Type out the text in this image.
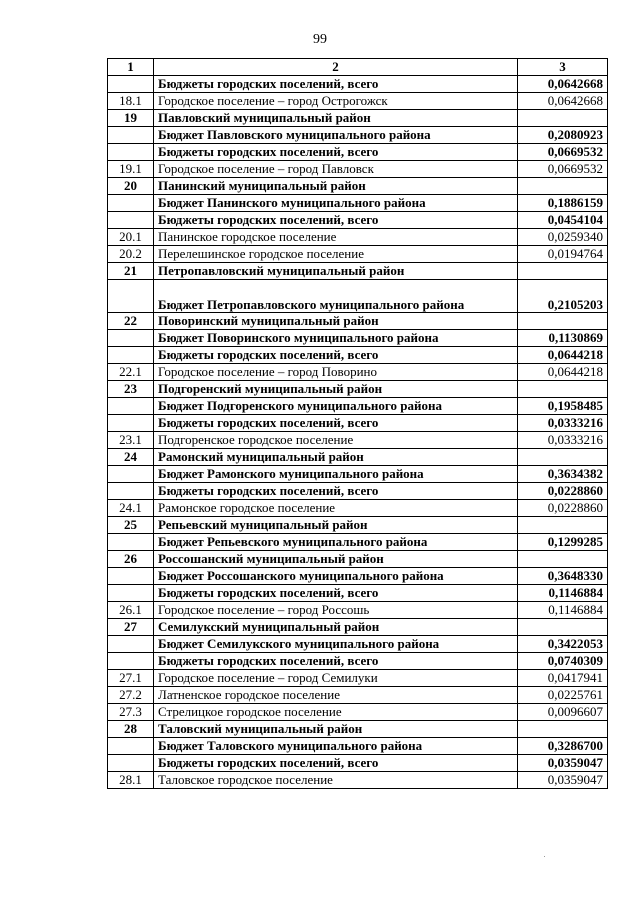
99
1	2	3
	Бюджеты городских поселений, всего	0,0642668
18.1	Городское поселение – город Острогожск	0,0642668
19	Павловский муниципальный район	
	Бюджет Павловского муниципального района	0,2080923
	Бюджеты городских поселений, всего	0,0669532
19.1	Городское поселение – город Павловск	0,0669532
20	Панинский муниципальный район	
	Бюджет Панинского муниципального района	0,1886159
	Бюджеты городских поселений, всего	0,0454104
20.1	Панинское городское поселение	0,0259340
20.2	Перелешинское городское поселение	0,0194764
21	Петропавловский муниципальный район	
	Бюджет Петропавловского муниципального района	0,2105203
22	Поворинский муниципальный район	
	Бюджет Поворинского муниципального района	0,1130869
	Бюджеты городских поселений, всего	0,0644218
22.1	Городское поселение – город Поворино	0,0644218
23	Подгоренский муниципальный район	
	Бюджет Подгоренского муниципального района	0,1958485
	Бюджеты городских поселений, всего	0,0333216
23.1	Подгоренское городское поселение	0,0333216
24	Рамонский муниципальный район	
	Бюджет Рамонского муниципального района	0,3634382
	Бюджеты городских поселений, всего	0,0228860
24.1	Рамонское городское поселение	0,0228860
25	Репьевский муниципальный район	
	Бюджет Репьевского муниципального района	0,1299285
26	Россошанский муниципальный район	
	Бюджет Россошанского муниципального района	0,3648330
	Бюджеты городских поселений, всего	0,1146884
26.1	Городское поселение – город Россошь	0,1146884
27	Семилукский муниципальный район	
	Бюджет Семилукского муниципального района	0,3422053
	Бюджеты городских поселений, всего	0,0740309
27.1	Городское поселение – город Семилуки	0,0417941
27.2	Латненское городское поселение	0,0225761
27.3	Стрелицкое городское поселение	0,0096607
28	Таловский муниципальный район	
	Бюджет Таловского муниципального района	0,3286700
	Бюджеты городских поселений, всего	0,0359047
28.1	Таловское городское поселение	0,0359047
